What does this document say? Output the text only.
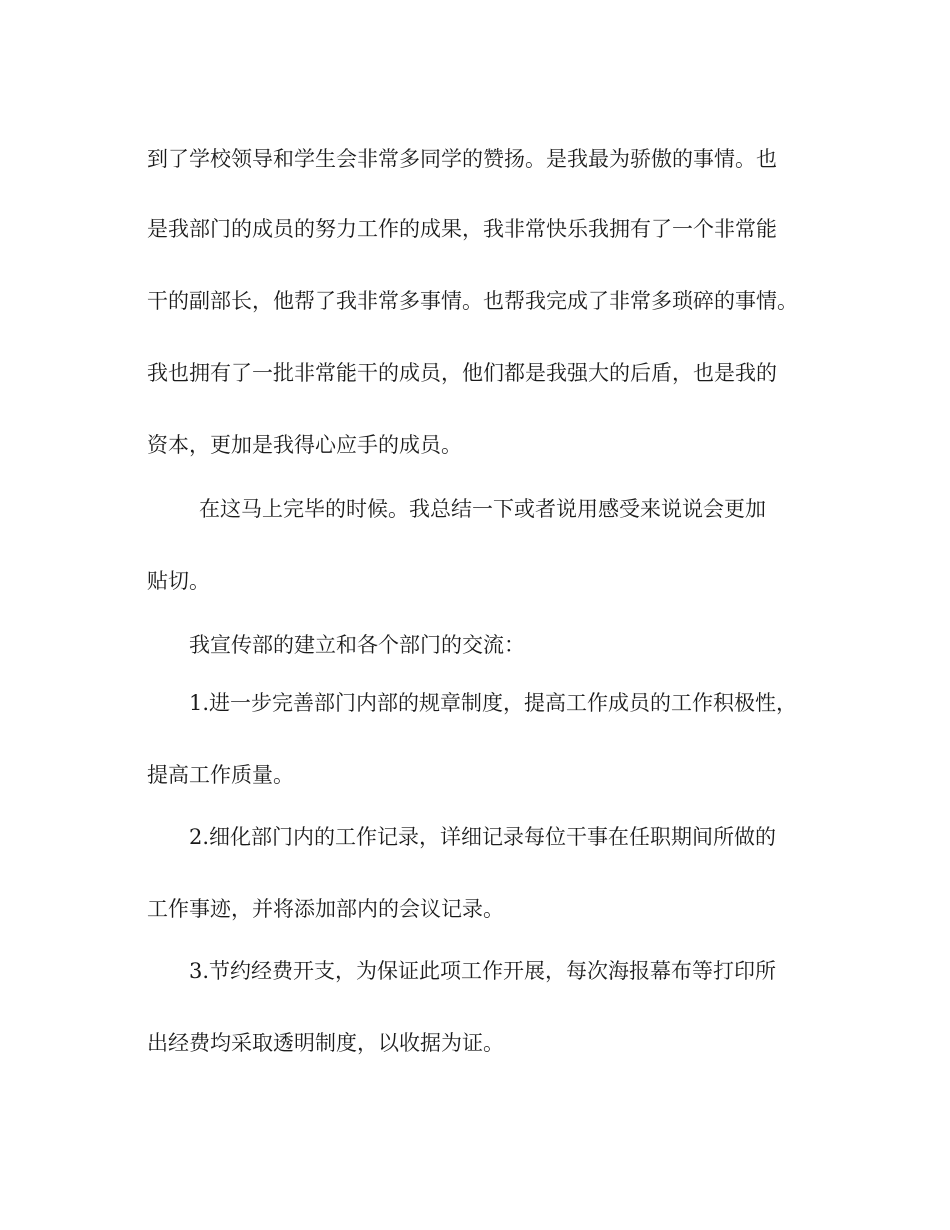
到了学校领导和学生会非常多同学的赞扬。是我最为骄傲的事情。也

是我部门的成员的努力工作的成果，我非常快乐我拥有了一个非常能

干的副部长，他帮了我非常多事情。也帮我完成了非常多琐碎的事情。

我也拥有了一批非常能干的成员，他们都是我强大的后盾，也是我的

资本，更加是我得心应手的成员。

在这马上完毕的时候。我总结一下或者说用感受来说说会更加

贴切。

我宣传部的建立和各个部门的交流：

1.进一步完善部门内部的规章制度，提高工作成员的工作积极性，

提高工作质量。

2.细化部门内的工作记录，详细记录每位干事在任职期间所做的

工作事迹，并将添加部内的会议记录。

3.节约经费开支，为保证此项工作开展，每次海报幕布等打印所

出经费均采取透明制度，以收据为证。
